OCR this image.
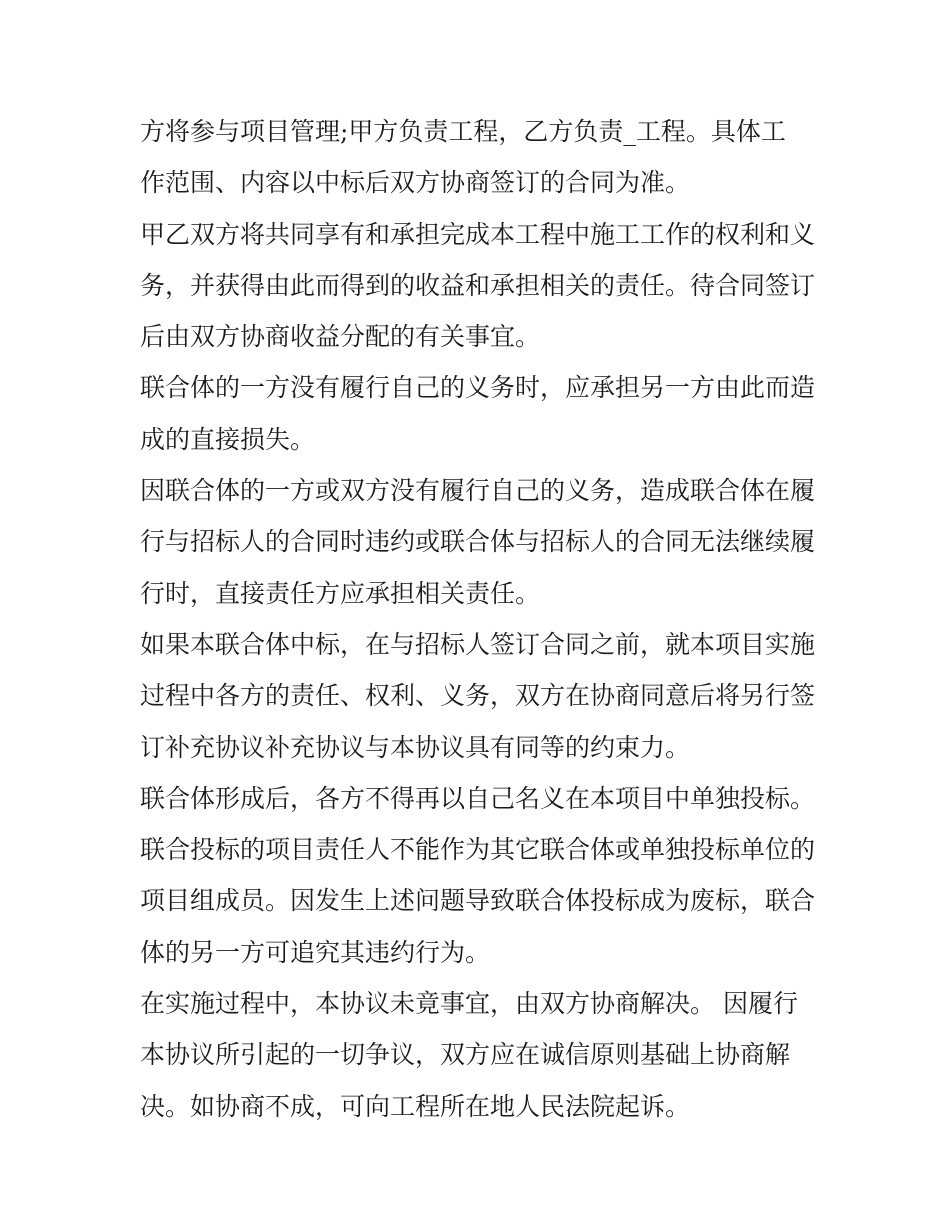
方将参与项目管理;甲方负责工程，乙方负责_工程。具体工
作范围、内容以中标后双方协商签订的合同为准。
甲乙双方将共同享有和承担完成本工程中施工工作的权利和义
务，并获得由此而得到的收益和承担相关的责任。待合同签订
后由双方协商收益分配的有关事宜。
联合体的一方没有履行自己的义务时，应承担另一方由此而造
成的直接损失。
因联合体的一方或双方没有履行自己的义务，造成联合体在履
行与招标人的合同时违约或联合体与招标人的合同无法继续履
行时，直接责任方应承担相关责任。
如果本联合体中标，在与招标人签订合同之前，就本项目实施
过程中各方的责任、权利、义务，双方在协商同意后将另行签
订补充协议补充协议与本协议具有同等的约束力。
联合体形成后，各方不得再以自己名义在本项目中单独投标。
联合投标的项目责任人不能作为其它联合体或单独投标单位的
项目组成员。因发生上述问题导致联合体投标成为废标，联合
体的另一方可追究其违约行为。
在实施过程中，本协议未竟事宜，由双方协商解决。 因履行
本协议所引起的一切争议，双方应在诚信原则基础上协商解
决。如协商不成，可向工程所在地人民法院起诉。
